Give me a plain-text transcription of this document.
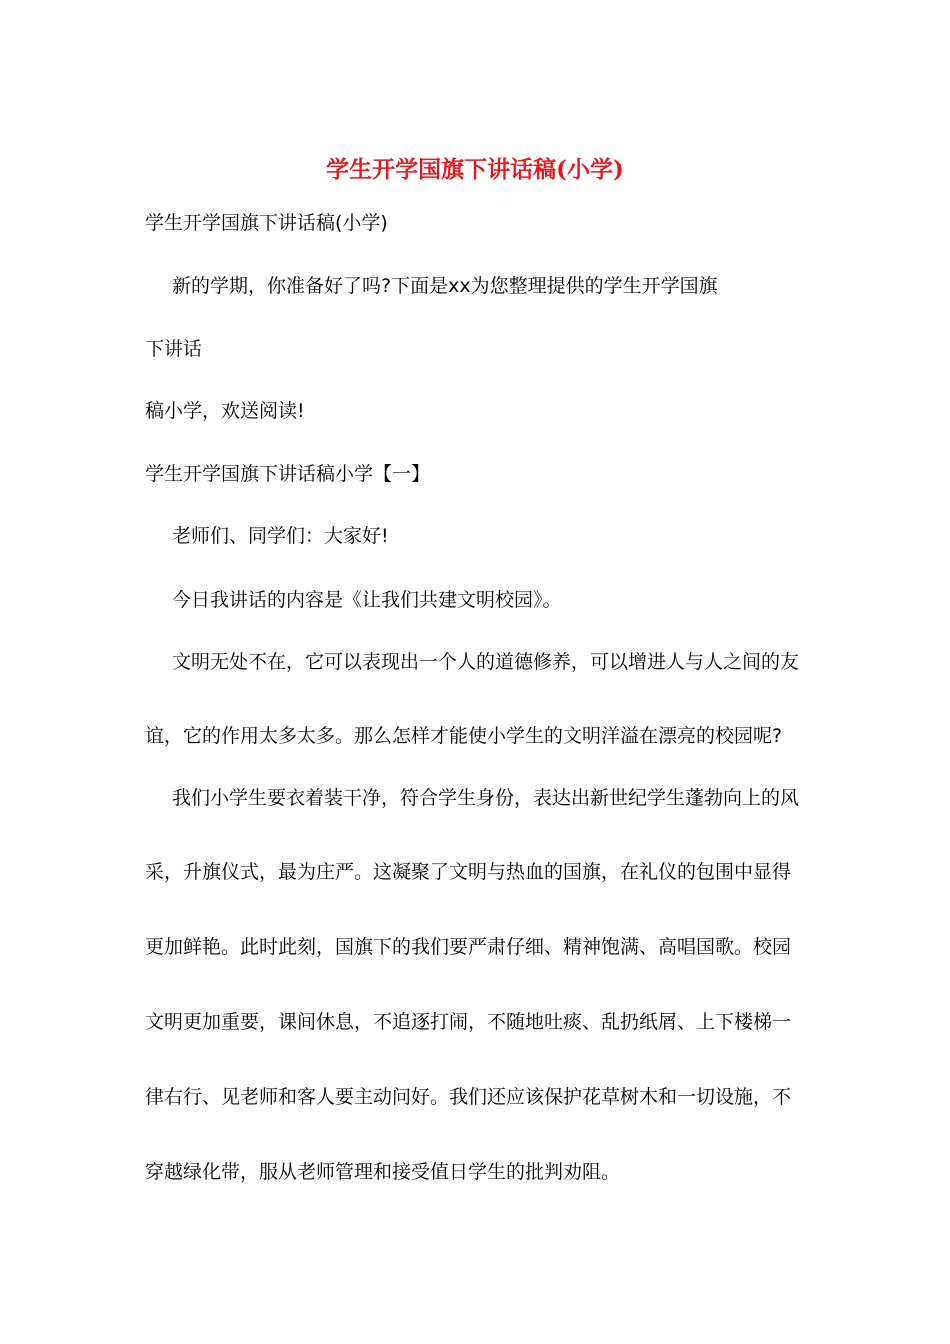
学生开学国旗下讲话稿(小学)
学生开学国旗下讲话稿(小学)
新的学期，你准备好了吗?下面是xx为您整理提供的学生开学国旗
下讲话
稿小学，欢送阅读!
学生开学国旗下讲话稿小学【一】
老师们、同学们：大家好!
今日我讲话的内容是《让我们共建文明校园》。
文明无处不在，它可以表现出一个人的道德修养，可以增进人与人之间的友
谊，它的作用太多太多。那么怎样才能使小学生的文明洋溢在漂亮的校园呢?
我们小学生要衣着装干净，符合学生身份，表达出新世纪学生蓬勃向上的风
采，升旗仪式，最为庄严。这凝聚了文明与热血的国旗，在礼仪的包围中显得
更加鲜艳。此时此刻，国旗下的我们要严肃仔细、精神饱满、高唱国歌。校园
文明更加重要，课间休息，不追逐打闹，不随地吐痰、乱扔纸屑、上下楼梯一
律右行、见老师和客人要主动问好。我们还应该保护花草树木和一切设施，不
穿越绿化带，服从老师管理和接受值日学生的批判劝阻。
